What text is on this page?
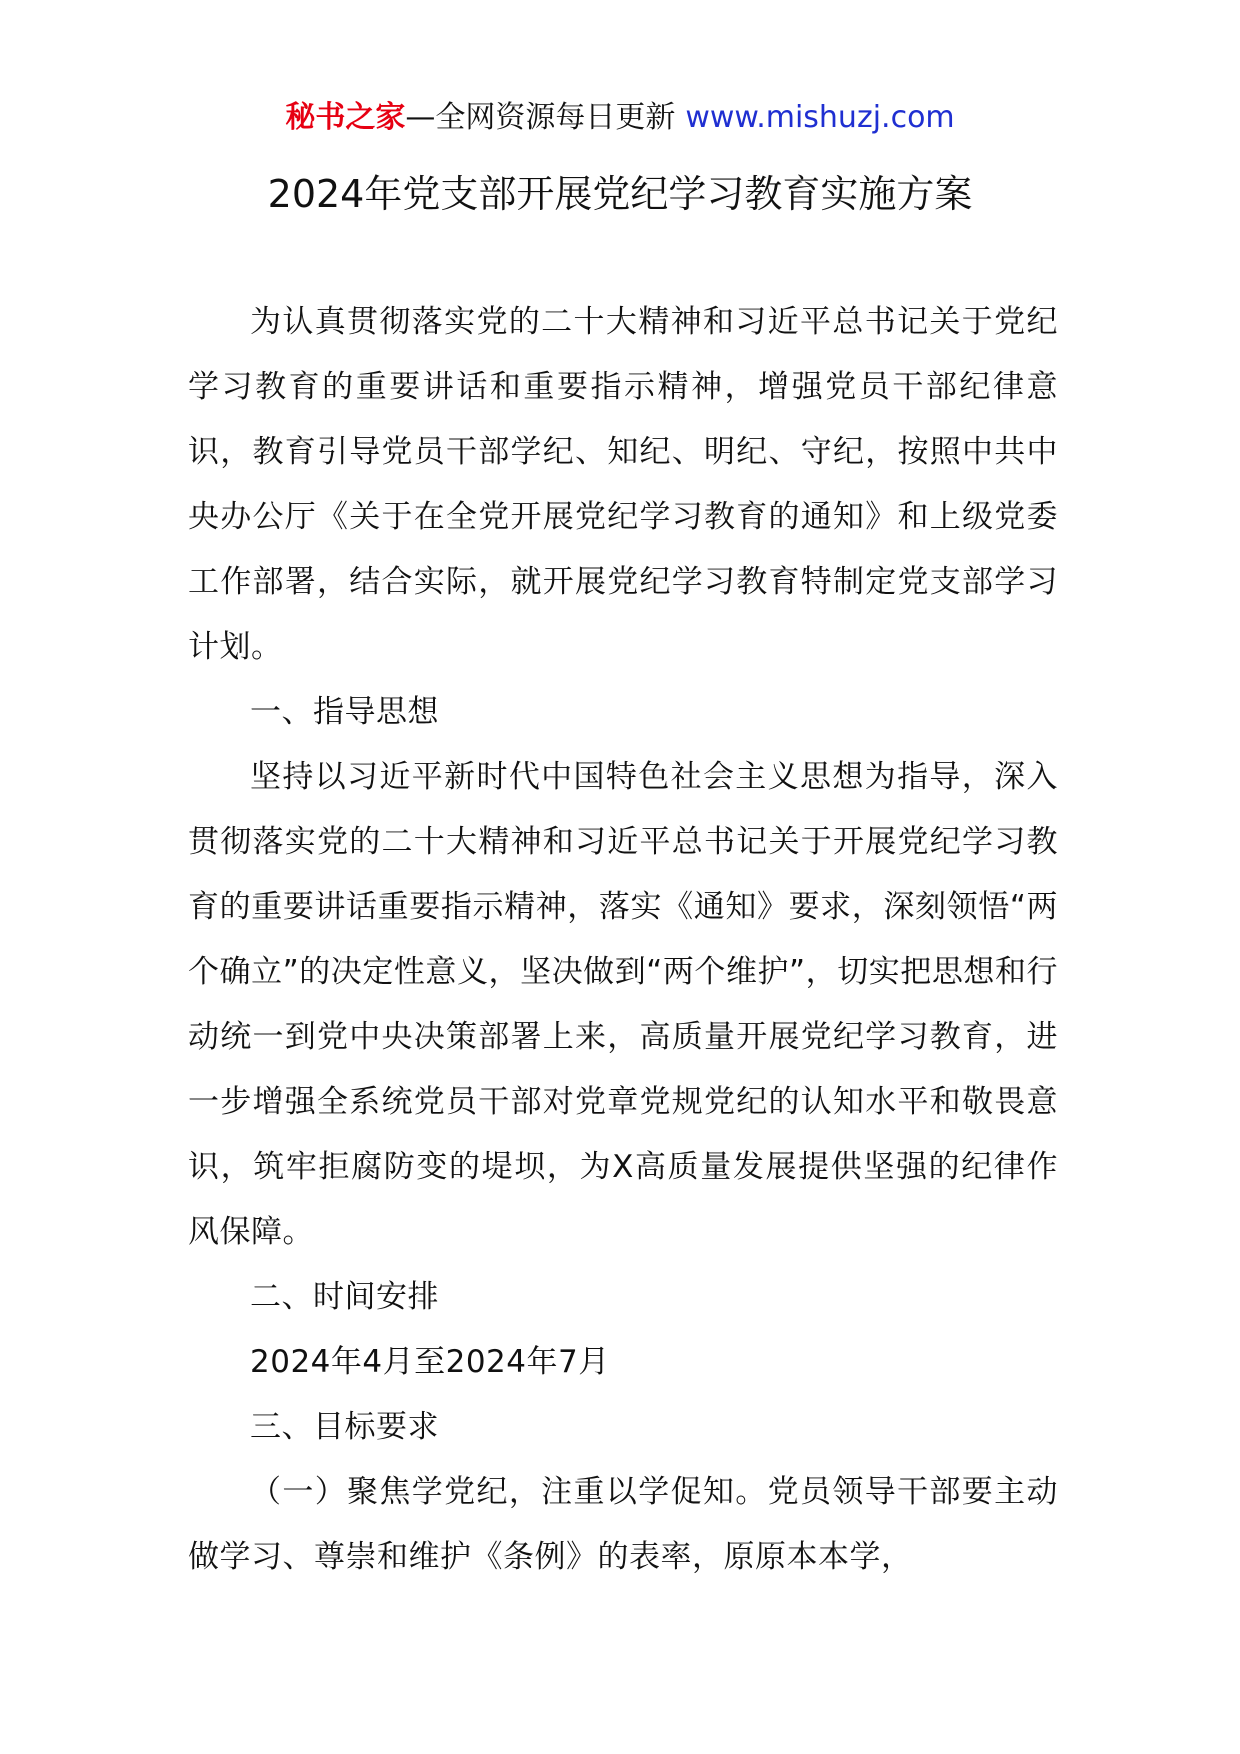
秘书之家—全网资源每日更新 www.mishuzj.com
2024年党支部开展党纪学习教育实施方案

为认真贯彻落实党的二十大精神和习近平总书记关于党纪学习教育的重要讲话和重要指示精神，增强党员干部纪律意识，教育引导党员干部学纪、知纪、明纪、守纪，按照中共中央办公厅《关于在全党开展党纪学习教育的通知》和上级党委工作部署，结合实际，就开展党纪学习教育特制定党支部学习计划。

一、指导思想

坚持以习近平新时代中国特色社会主义思想为指导，深入贯彻落实党的二十大精神和习近平总书记关于开展党纪学习教育的重要讲话重要指示精神，落实《通知》要求，深刻领悟“两个确立”的决定性意义，坚决做到“两个维护”，切实把思想和行动统一到党中央决策部署上来，高质量开展党纪学习教育，进一步增强全系统党员干部对党章党规党纪的认知水平和敬畏意识，筑牢拒腐防变的堤坝，为X高质量发展提供坚强的纪律作风保障。

二、时间安排

2024年4月至2024年7月

三、目标要求

（一）聚焦学党纪，注重以学促知。党员领导干部要主动做学习、尊崇和维护《条例》的表率，原原本本学，
